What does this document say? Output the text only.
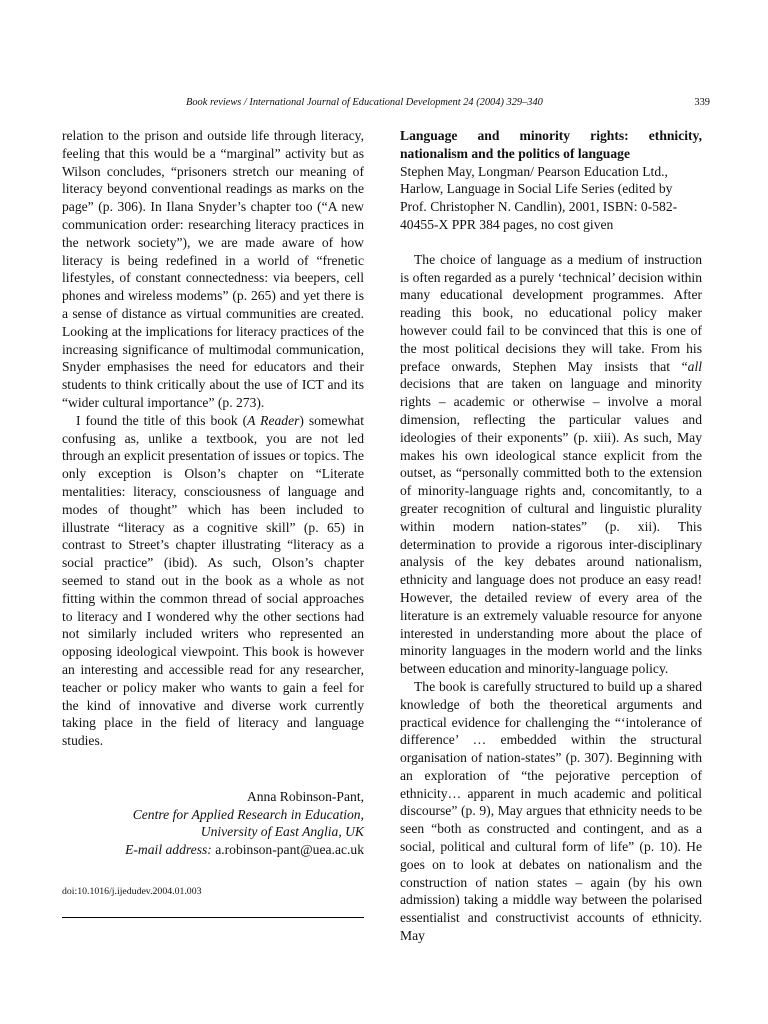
Book reviews / International Journal of Educational Development 24 (2004) 329–340	339

relation to the prison and outside life through literacy, feeling that this would be a “marginal” activity but as Wilson concludes, “prisoners stretch our meaning of literacy beyond conventional readings as marks on the page” (p. 306). In Ilana Snyder’s chapter too (“A new communication order: researching literacy practices in the network society”), we are made aware of how literacy is being redefined in a world of “frenetic lifestyles, of constant connectedness: via beepers, cell phones and wireless modems” (p. 265) and yet there is a sense of distance as virtual communities are created. Looking at the implications for literacy practices of the increasing significance of multimodal communication, Snyder emphasises the need for educators and their students to think critically about the use of ICT and its “wider cultural importance” (p. 273).

I found the title of this book (A Reader) somewhat confusing as, unlike a textbook, you are not led through an explicit presentation of issues or topics. The only exception is Olson’s chapter on “Literate mentalities: literacy, consciousness of language and modes of thought” which has been included to illustrate “literacy as a cognitive skill” (p. 65) in contrast to Street’s chapter illustrating “literacy as a social practice” (ibid). As such, Olson’s chapter seemed to stand out in the book as a whole as not fitting within the common thread of social approaches to literacy and I wondered why the other sections had not similarly included writers who represented an opposing ideological viewpoint. This book is however an interesting and accessible read for any researcher, teacher or policy maker who wants to gain a feel for the kind of innovative and diverse work currently taking place in the field of literacy and language studies.

Anna Robinson-Pant,
Centre for Applied Research in Education,
University of East Anglia, UK
E-mail address: a.robinson-pant@uea.ac.uk
doi:10.1016/j.ijedudev.2004.01.003

Language and minority rights: ethnicity, nationalism and the politics of language

Stephen May, Longman/ Pearson Education Ltd., Harlow, Language in Social Life Series (edited by Prof. Christopher N. Candlin), 2001, ISBN: 0-582-40455-X PPR 384 pages, no cost given

The choice of language as a medium of instruction is often regarded as a purely ‘technical’ decision within many educational development programmes. After reading this book, no educational policy maker however could fail to be convinced that this is one of the most political decisions they will take. From his preface onwards, Stephen May insists that “all decisions that are taken on language and minority rights – academic or otherwise – involve a moral dimension, reflecting the particular values and ideologies of their exponents” (p. xiii). As such, May makes his own ideological stance explicit from the outset, as “personally committed both to the extension of minority-language rights and, concomitantly, to a greater recognition of cultural and linguistic plurality within modern nation-states” (p. xii). This determination to provide a rigorous inter-disciplinary analysis of the key debates around nationalism, ethnicity and language does not produce an easy read! However, the detailed review of every area of the literature is an extremely valuable resource for anyone interested in understanding more about the place of minority languages in the modern world and the links between education and minority-language policy.

The book is carefully structured to build up a shared knowledge of both the theoretical arguments and practical evidence for challenging the “‘intolerance of difference’ … embedded within the structural organisation of nation-states” (p. 307). Beginning with an exploration of “the pejorative perception of ethnicity… apparent in much academic and political discourse” (p. 9), May argues that ethnicity needs to be seen “both as constructed and contingent, and as a social, political and cultural form of life” (p. 10). He goes on to look at debates on nationalism and the construction of nation states – again (by his own admission) taking a middle way between the polarised essentialist and constructivist accounts of ethnicity. May
